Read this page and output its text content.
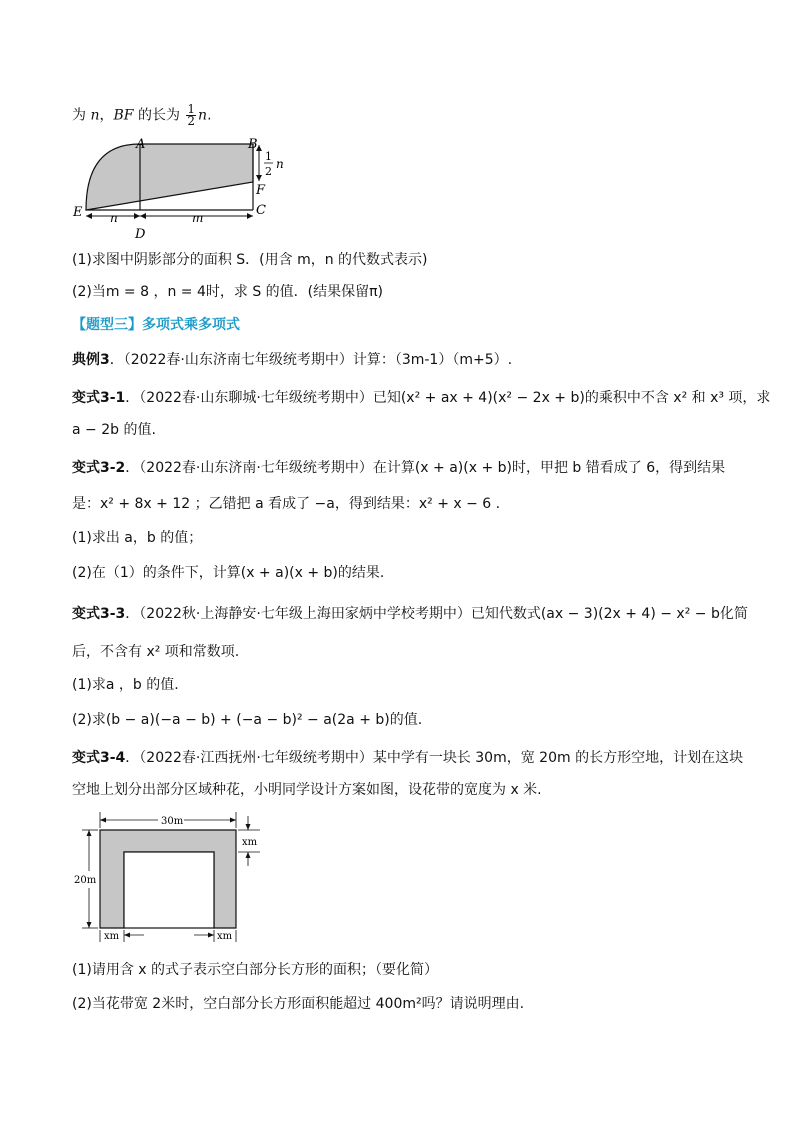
为 n，BF 的长为 $\frac{1}{2} n$.
A	B
C
D
E
F
n	m
1
2
n
(1)求图中阴影部分的面积 S．(用含 m，n 的代数式表示)
(2)当m = 8 ，n = 4时，求 S 的值．(结果保留π)
【题型三】多项式乘多项式
典例3．（2022春·山东济南七年级统考期中）计算：（3m-1）（m+5）.
变式3-1．（2022春·山东聊城·七年级统考期中）已知(x² + ax + 4)(x² − 2x + b)的乘积中不含 x² 和 x³ 项，求
a − 2b 的值.
变式3-2．（2022春·山东济南·七年级统考期中）在计算(x + a)(x + b)时，甲把 b 错看成了 6，得到结果
是：x² + 8x + 12 ；乙错把 a 看成了 −a，得到结果：x² + x − 6 .
(1)求出 a，b 的值；
(2)在（1）的条件下，计算(x + a)(x + b)的结果.
变式3-3．（2022秋·上海静安·七年级上海田家炳中学校考期中）已知代数式(ax − 3)(2x + 4) − x² − b化简
后，不含有 x² 项和常数项.
(1)求a ，b 的值.
(2)求(b − a)(−a − b) + (−a − b)² − a(2a + b)的值.
变式3-4．（2022春·江西抚州·七年级统考期中）某中学有一块长 30m，宽 20m 的长方形空地，计划在这块
空地上划分出部分区域种花，小明同学设计方案如图，设花带的宽度为 x 米.
30m
20m
xm
xm	xm
(1)请用含 x 的式子表示空白部分长方形的面积；（要化简）
(2)当花带宽 2米时，空白部分长方形面积能超过 400m²吗？请说明理由.
